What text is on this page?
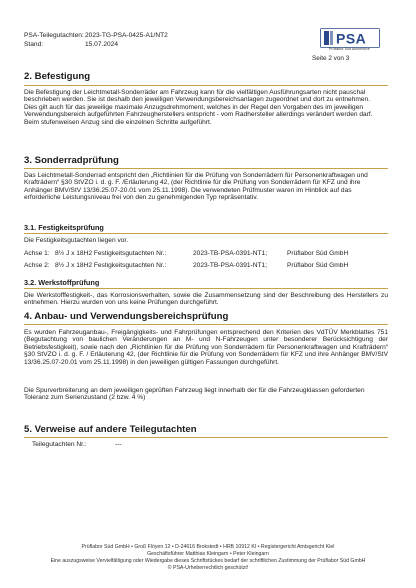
PSA-Teilegutachten:2023-TG-PSA-0425-A1/NT2
Stand:	15.07.2024	PSA
Prüflabor Süd Automotive
Seite 2 von 3
2. Befestigung
Die Befestigung der Leichtmetall-Sonderräder am Fahrzeug kann für die vielfältigen Ausführungsarten nicht pauschal beschrieben werden. Sie ist deshalb den jeweiligen Verwendungsbereichsanlagen zugeordnet und dort zu entnehmen.
Dies gilt auch für das jeweilige maximale Anzugsdrehmoment, welches in der Regel den Vorgaben des im jeweiligen Verwendungsbereich aufgeführten Fahrzeugherstellers entspricht - vom Radhersteller allerdings verändert werden darf.
Beim stufenweisen Anzug sind die einzelnen Schritte aufgeführt.
3. Sonderradprüfung
Das Leichtmetall-Sonderrad entspricht den „Richtlinien für die Prüfung von Sonderrädern für Personenkraftwagen und Krafträdern“ §30 StVZO i. d. g. F. /Erläuterung 42, (der Richtlinie für die Prüfung von Sonderrädern für KFZ und ihre Anhänger BMV/StV 13/36.25.07-20.01 vom 25.11.1998). Die verwendeten Prüfmuster waren im Hinblick auf das erforderliche Leistungsniveau frei von den zu genehmigenden Typ repräsentativ.
3.1. Festigkeitsprüfung
Die Festigkeitsgutachten liegen vor.
Achse 1: 8½ J x 18H2 Festigkeitsgutachten Nr.:	2023-TB-PSA-0391-NT1;	Prüflabor Süd GmbH
Achse 2: 8½ J x 18H2 Festigkeitsgutachten Nr.:	2023-TB-PSA-0391-NT1;	Prüflabor Süd GmbH
3.2. Werkstoffprüfung
Die Werkstofffestigkeit-, das Korrosionsverhalten, sowie die Zusammensetzung sind der Beschreibung des Herstellers zu entnehmen. Hierzu wurden von uns keine Prüfungen durchgeführt.
4. Anbau- und Verwendungsbereichsprüfung
Es wurden Fahrzeuganbau-, Freigängigkeits- und Fahrprüfungen entsprechend den Kriterien des VdTÜV Merkblattes 751 (Begutachtung von baulichen Veränderungen an M- und N-Fahrzeugen unter besonderer Berücksichtigung der Betriebsfestigkeit), sowie nach den „Richtlinien für die Prüfung von Sonderrädern für Personenkraftwagen und Krafträdern“ §30 StVZO i. d. g. F. / Erläuterung 42, (der Richtlinie für die Prüfung von Sonderrädern für KFZ und ihre Anhänger BMV/StV 13/36.25.07-20.01 vom 25.11.1998) in den jeweiligen gültigen Fassungen durchgeführt.
Die Spurverbreiterung an dem jeweiligen geprüften Fahrzeug liegt innerhalb der für die Fahrzeugklassen geforderten Toleranz zum Serienzustand (2 bzw. 4 %)
5. Verweise auf andere Teilegutachten
Teilegutachten Nr.:	---
Prüflabor Süd GmbH • Groß Flöyen 12 • D-24616 Brokstedt • HRB 10912 KI • Registergericht Amtsgericht Kiel
Geschäftsführer Matthias Kleingarn • Peter Kleingarn
Eine auszugsweise Vervielfältigung oder Wiedergabe dieses Schriftstückes bedarf der schriftlichen Zustimmung der Prüflabor Süd GmbH
© PSA-Urheberrechtlich geschützt!
